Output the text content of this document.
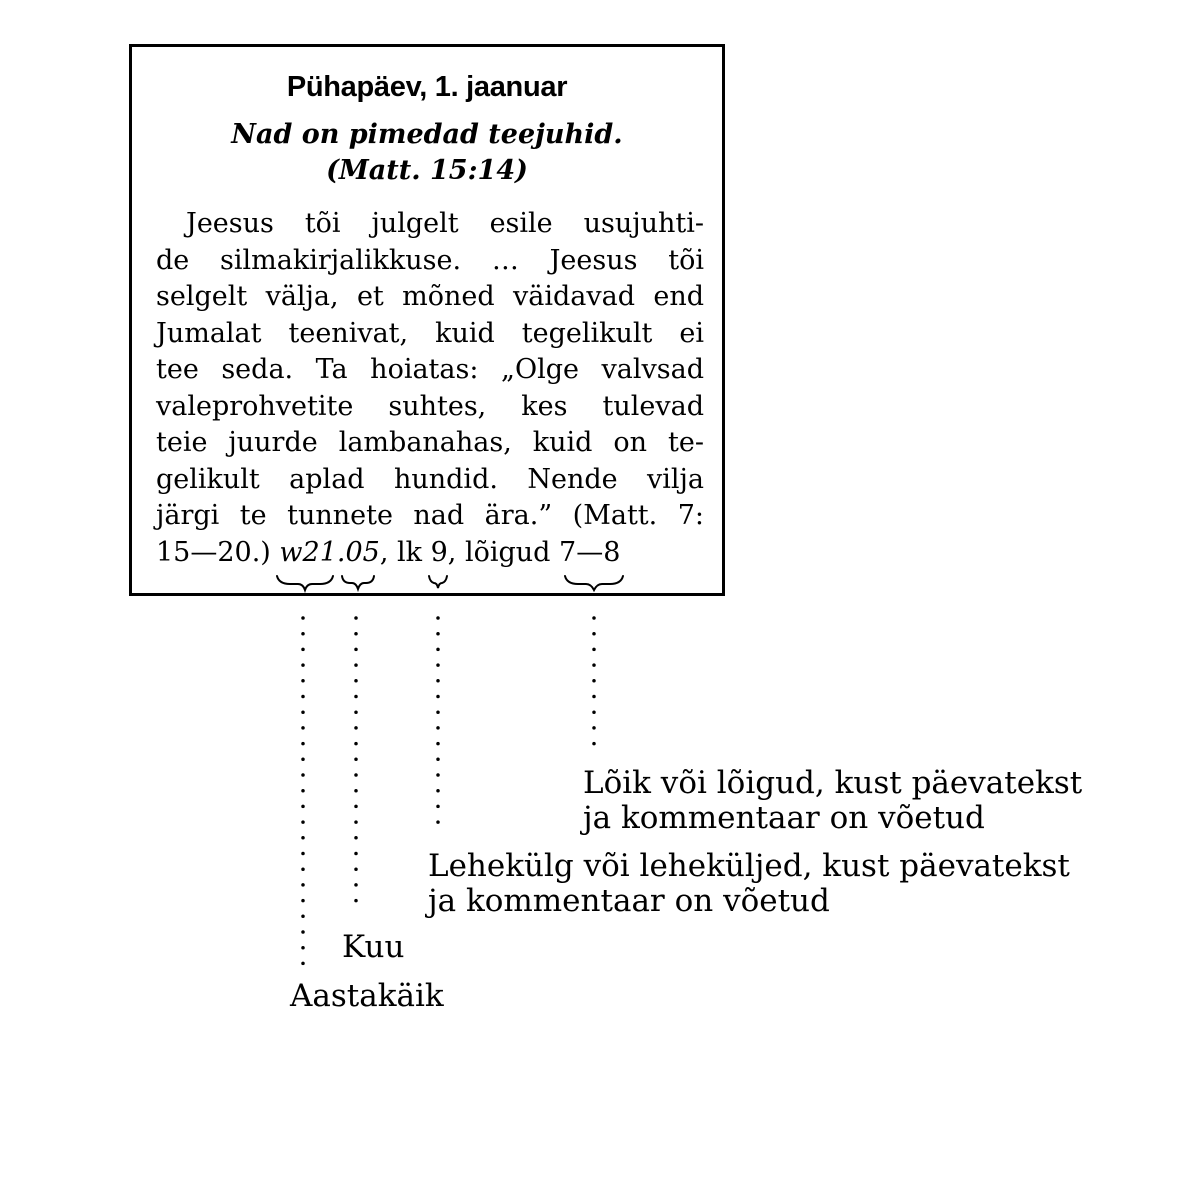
Pühapäev, 1. jaanuar
Nad on pimedad teejuhid.
(Matt. 15:14)
Jeesus tõi julgelt esile usujuhti-
de silmakirjalikkuse. … Jeesus tõi
selgelt välja, et mõned väidavad end
Jumalat teenivat, kuid tegelikult ei
tee seda. Ta hoiatas: „Olge valvsad
valeprohvetite suhtes, kes tulevad
teie juurde lambanahas, kuid on te-
gelikult aplad hundid. Nende vilja
järgi te tunnete nad ära.” (Matt. 7:
15—20.) w21.05, lk 9, lõigud 7—8
Lõik või lõigud, kust päevatekst
ja kommentaar on võetud
Lehekülg või leheküljed, kust päevatekst
ja kommentaar on võetud
Kuu
Aastakäik
